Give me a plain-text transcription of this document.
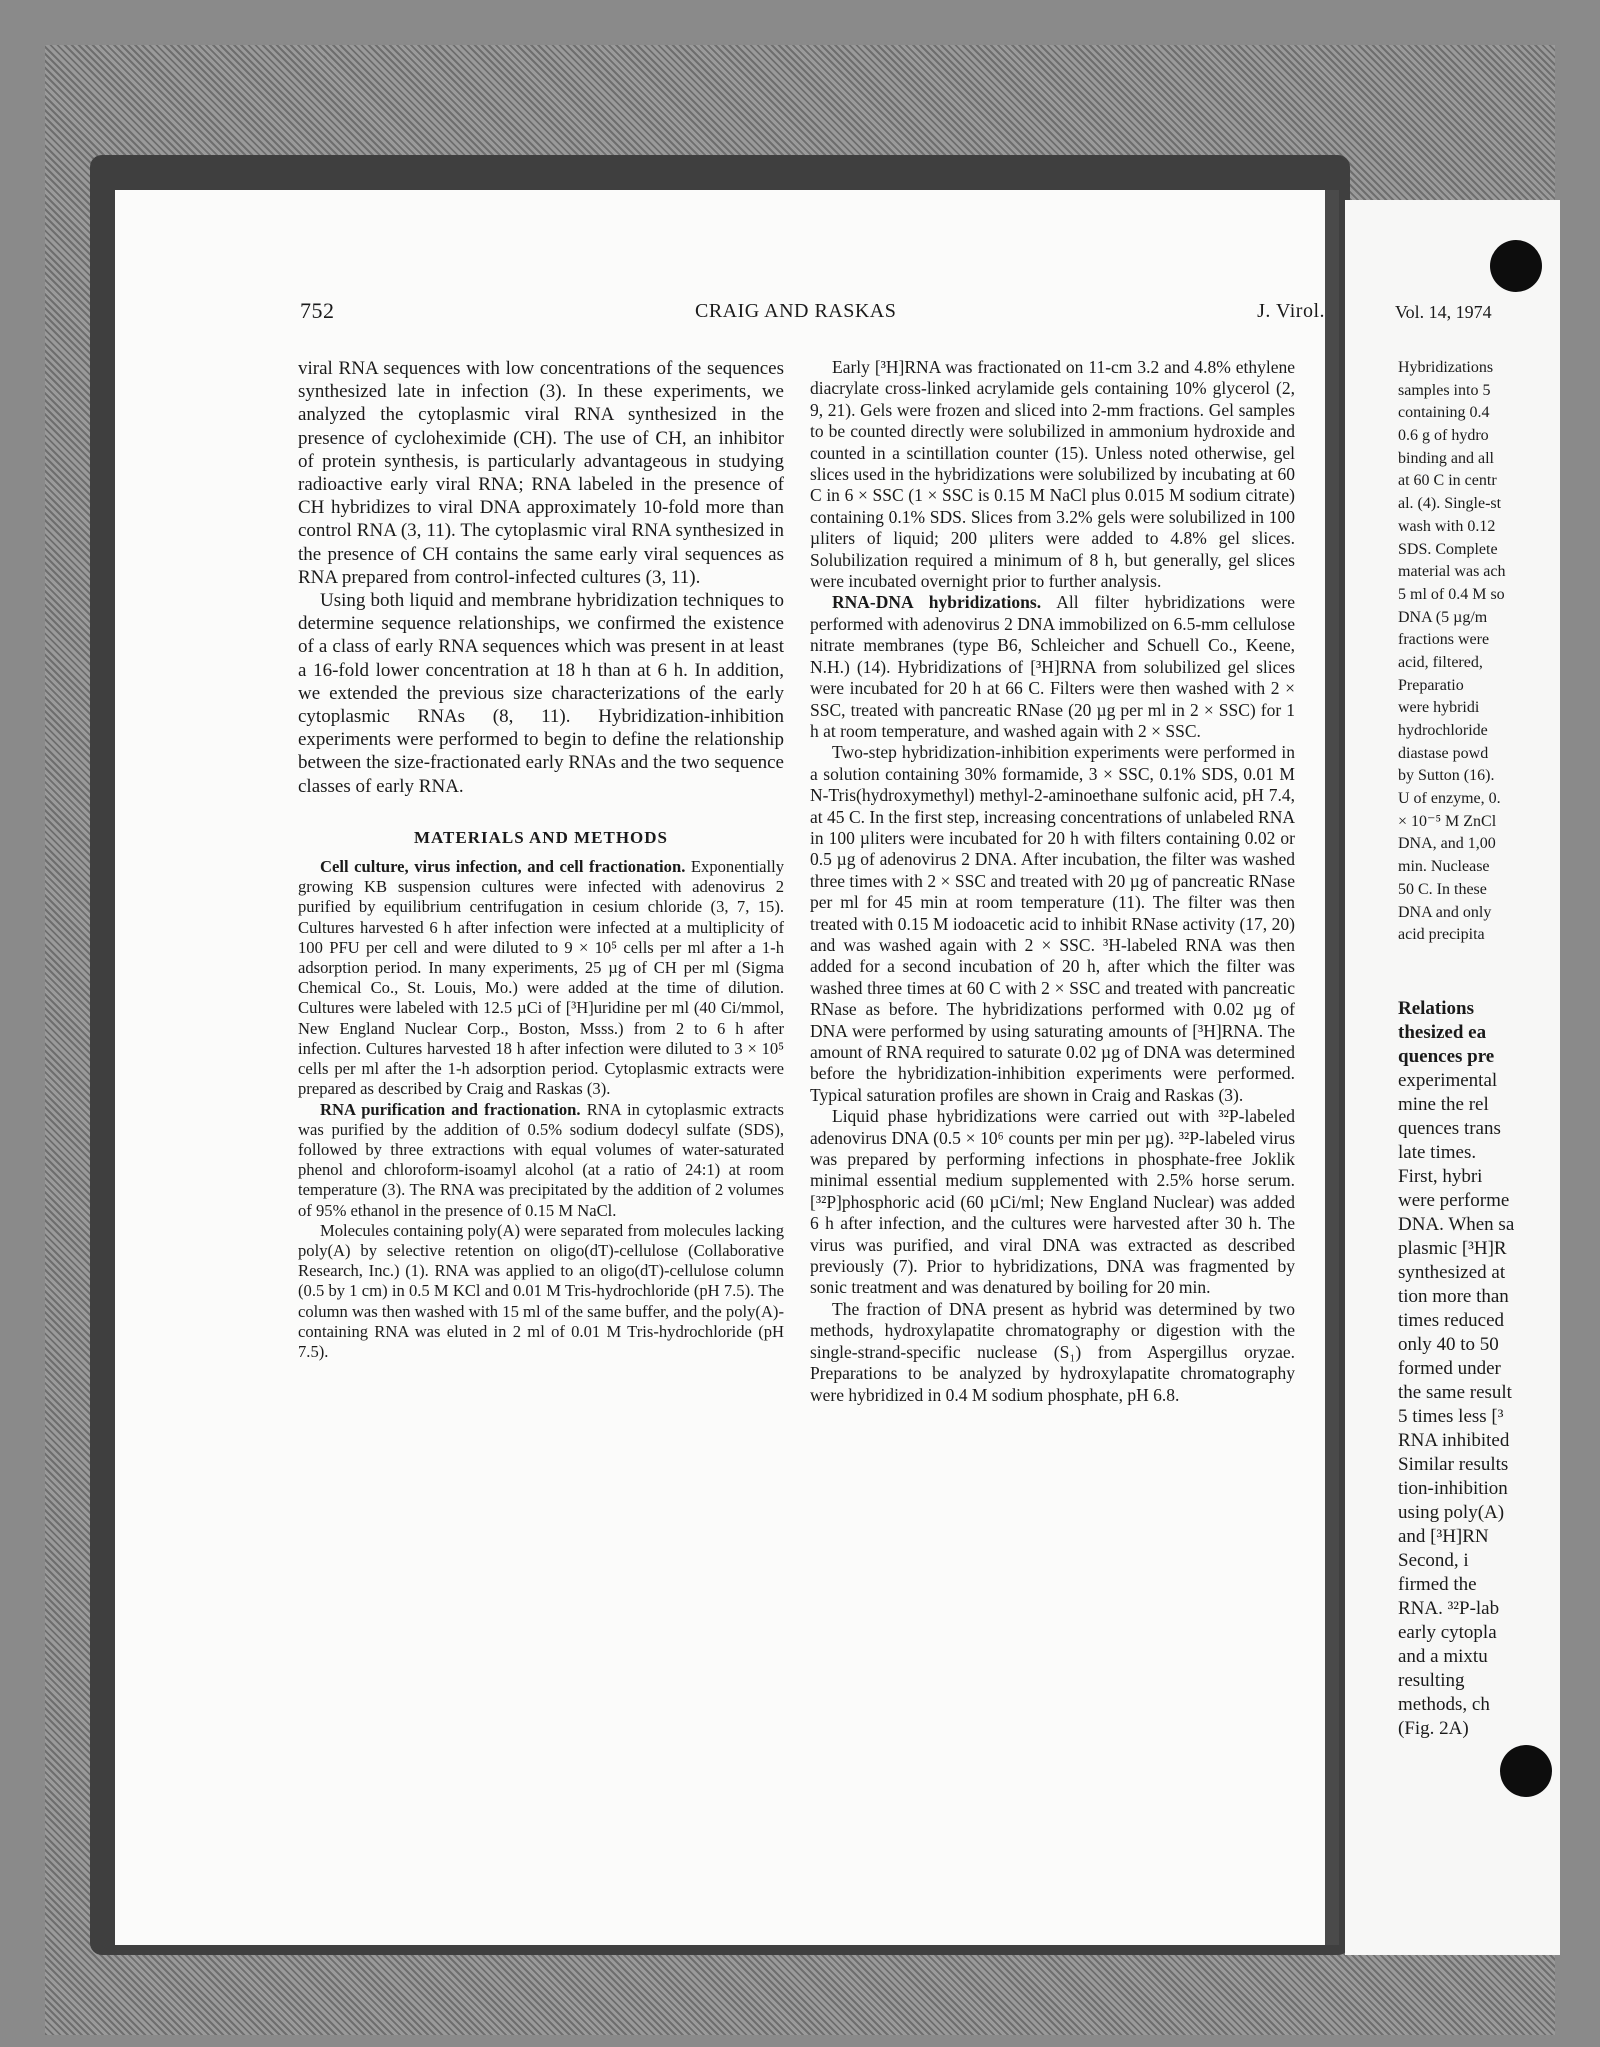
752	CRAIG AND RASKAS	J. Virol.

viral RNA sequences with low concentrations of the sequences synthesized late in infection (3). In these experiments, we analyzed the cytoplasmic viral RNA synthesized in the presence of cycloheximide (CH). The use of CH, an inhibitor of protein synthesis, is particularly advantageous in studying radioactive early viral RNA; RNA labeled in the presence of CH hybridizes to viral DNA approximately 10-fold more than control RNA (3, 11). The cytoplasmic viral RNA synthesized in the presence of CH contains the same early viral sequences as RNA prepared from control-infected cultures (3, 11).

Using both liquid and membrane hybridization techniques to determine sequence relationships, we confirmed the existence of a class of early RNA sequences which was present in at least a 16-fold lower concentration at 18 h than at 6 h. In addition, we extended the previous size characterizations of the early cytoplasmic RNAs (8, 11). Hybridization-inhibition experiments were performed to begin to define the relationship between the size-fractionated early RNAs and the two sequence classes of early RNA.

MATERIALS AND METHODS

Cell culture, virus infection, and cell fractionation. Exponentially growing KB suspension cultures were infected with adenovirus 2 purified by equilibrium centrifugation in cesium chloride (3, 7, 15). Cultures harvested 6 h after infection were infected at a multiplicity of 100 PFU per cell and were diluted to 9 × 10⁵ cells per ml after a 1-h adsorption period. In many experiments, 25 µg of CH per ml (Sigma Chemical Co., St. Louis, Mo.) were added at the time of dilution. Cultures were labeled with 12.5 µCi of [³H]uridine per ml (40 Ci/mmol, New England Nuclear Corp., Boston, Msss.) from 2 to 6 h after infection. Cultures harvested 18 h after infection were diluted to 3 × 10⁵ cells per ml after the 1-h adsorption period. Cytoplasmic extracts were prepared as described by Craig and Raskas (3).

RNA purification and fractionation. RNA in cytoplasmic extracts was purified by the addition of 0.5% sodium dodecyl sulfate (SDS), followed by three extractions with equal volumes of water-saturated phenol and chloroform-isoamyl alcohol (at a ratio of 24:1) at room temperature (3). The RNA was precipitated by the addition of 2 volumes of 95% ethanol in the presence of 0.15 M NaCl.

Molecules containing poly(A) were separated from molecules lacking poly(A) by selective retention on oligo(dT)-cellulose (Collaborative Research, Inc.) (1). RNA was applied to an oligo(dT)-cellulose column (0.5 by 1 cm) in 0.5 M KCl and 0.01 M Tris-hydrochloride (pH 7.5). The column was then washed with 15 ml of the same buffer, and the poly(A)-containing RNA was eluted in 2 ml of 0.01 M Tris-hydrochloride (pH 7.5).

Early [³H]RNA was fractionated on 11-cm 3.2 and 4.8% ethylene diacrylate cross-linked acrylamide gels containing 10% glycerol (2, 9, 21). Gels were frozen and sliced into 2-mm fractions. Gel samples to be counted directly were solubilized in ammonium hydroxide and counted in a scintillation counter (15). Unless noted otherwise, gel slices used in the hybridizations were solubilized by incubating at 60 C in 6 × SSC (1 × SSC is 0.15 M NaCl plus 0.015 M sodium citrate) containing 0.1% SDS. Slices from 3.2% gels were solubilized in 100 µliters of liquid; 200 µliters were added to 4.8% gel slices. Solubilization required a minimum of 8 h, but generally, gel slices were incubated overnight prior to further analysis.

RNA-DNA hybridizations. All filter hybridizations were performed with adenovirus 2 DNA immobilized on 6.5-mm cellulose nitrate membranes (type B6, Schleicher and Schuell Co., Keene, N.H.) (14). Hybridizations of [³H]RNA from solubilized gel slices were incubated for 20 h at 66 C. Filters were then washed with 2 × SSC, treated with pancreatic RNase (20 µg per ml in 2 × SSC) for 1 h at room temperature, and washed again with 2 × SSC.

Two-step hybridization-inhibition experiments were performed in a solution containing 30% formamide, 3 × SSC, 0.1% SDS, 0.01 M N-Tris(hydroxymethyl) methyl-2-aminoethane sulfonic acid, pH 7.4, at 45 C. In the first step, increasing concentrations of unlabeled RNA in 100 µliters were incubated for 20 h with filters containing 0.02 or 0.5 µg of adenovirus 2 DNA. After incubation, the filter was washed three times with 2 × SSC and treated with 20 µg of pancreatic RNase per ml for 45 min at room temperature (11). The filter was then treated with 0.15 M iodoacetic acid to inhibit RNase activity (17, 20) and was washed again with 2 × SSC. ³H-labeled RNA was then added for a second incubation of 20 h, after which the filter was washed three times at 60 C with 2 × SSC and treated with pancreatic RNase as before. The hybridizations performed with 0.02 µg of DNA were performed by using saturating amounts of [³H]RNA. The amount of RNA required to saturate 0.02 µg of DNA was determined before the hybridization-inhibition experiments were performed. Typical saturation profiles are shown in Craig and Raskas (3).

Liquid phase hybridizations were carried out with ³²P-labeled adenovirus DNA (0.5 × 10⁶ counts per min per µg). ³²P-labeled virus was prepared by performing infections in phosphate-free Joklik minimal essential medium supplemented with 2.5% horse serum. [³²P]phosphoric acid (60 µCi/ml; New England Nuclear) was added 6 h after infection, and the cultures were harvested after 30 h. The virus was purified, and viral DNA was extracted as described previously (7). Prior to hybridizations, DNA was fragmented by sonic treatment and was denatured by boiling for 20 min.

The fraction of DNA present as hybrid was determined by two methods, hydroxylapatite chromatography or digestion with the single-strand-specific nuclease (S₁) from Aspergillus oryzae. Preparations to be analyzed by hydroxylapatite chromatography were hybridized in 0.4 M sodium phosphate, pH 6.8.

Vol. 14, 1974
Hybridizations
samples into 5
containing 0.4
0.6 g of hydro
binding and all
at 60 C in centr
al. (4). Single-st
wash with 0.12
SDS. Complete
material was ach
5 ml of 0.4 M so
DNA (5 µg/m
fractions were
acid, filtered,
Preparatio
were hybridi
hydrochloride
diastase powd
by Sutton (16).
U of enzyme, 0.
× 10⁻⁵ M ZnCl
DNA, and 1,00
min. Nuclease
50 C. In these
DNA and only
acid precipita
Relations
thesized ea
quences pre
experimental
mine the rel
quences trans
late times.
First, hybri
were performe
DNA. When sa
plasmic [³H]R
synthesized at
tion more than
times reduced
only 40 to 50
formed under
the same result
5 times less [³
RNA inhibited
Similar results
tion-inhibition
using poly(A)
and [³H]RN
Second, i
firmed the
RNA. ³²P-lab
early cytopla
and a mixtu
resulting
methods, ch
(Fig. 2A)
